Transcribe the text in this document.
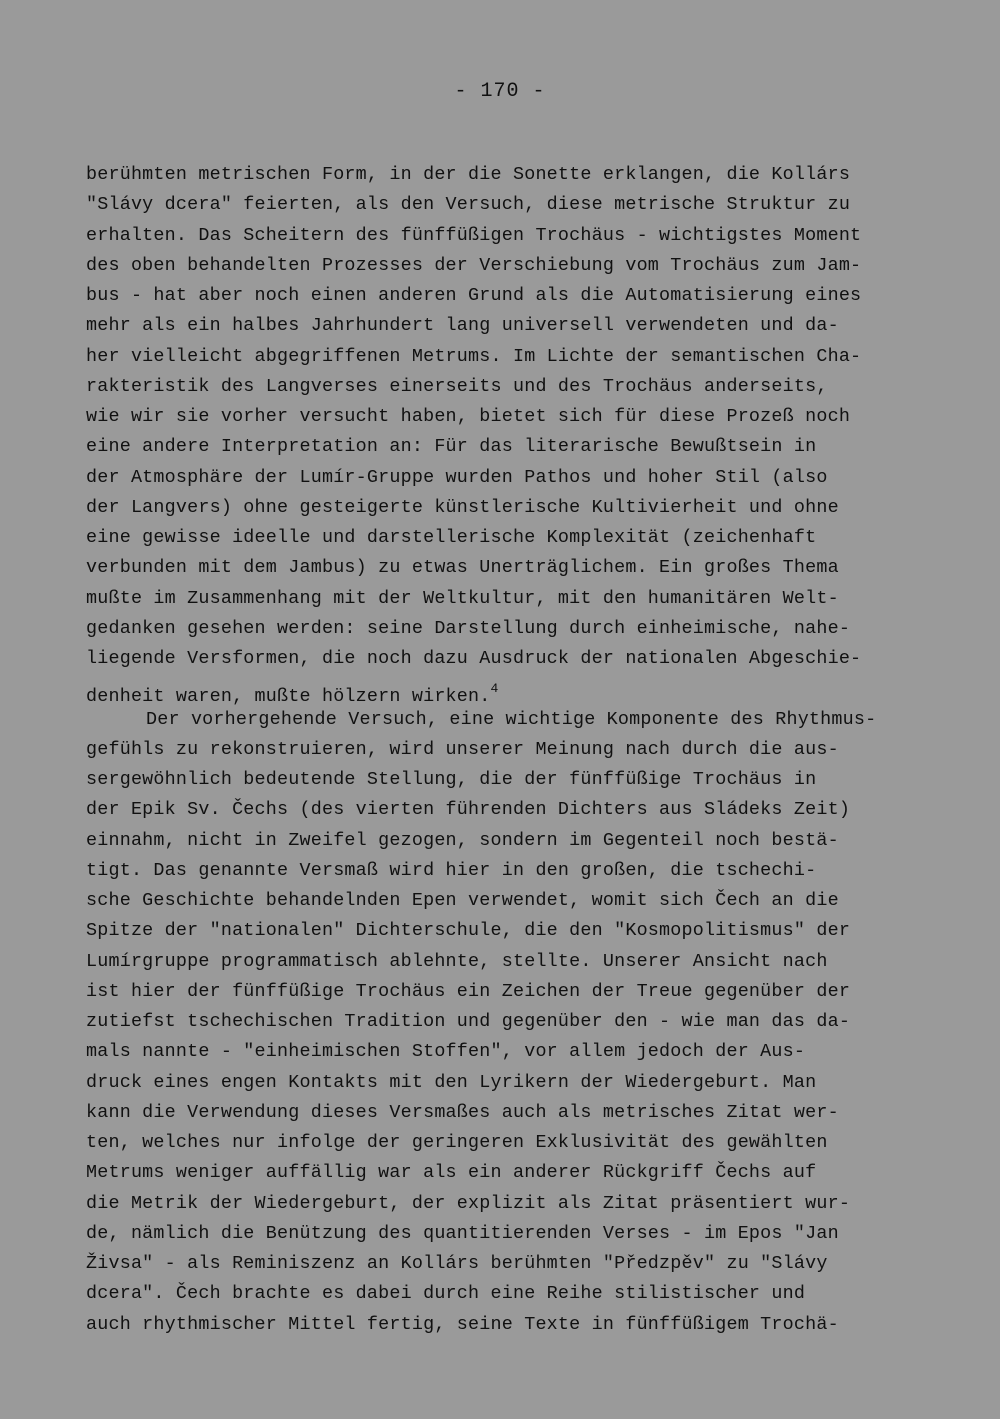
- 170 -
berühmten metrischen Form, in der die Sonette erklangen, die Kollárs
"Slávy dcera" feierten, als den Versuch, diese metrische Struktur zu
erhalten. Das Scheitern des fünffüßigen Trochäus - wichtigstes Moment
des oben behandelten Prozesses der Verschiebung vom Trochäus zum Jam-
bus - hat aber noch einen anderen Grund als die Automatisierung eines
mehr als ein halbes Jahrhundert lang universell verwendeten und da-
her vielleicht abgegriffenen Metrums. Im Lichte der semantischen Cha-
rakteristik des Langverses einerseits und des Trochäus anderseits,
wie wir sie vorher versucht haben, bietet sich für diese Prozeß noch
eine andere Interpretation an: Für das literarische Bewußtsein in
der Atmosphäre der Lumír-Gruppe wurden Pathos und hoher Stil (also
der Langvers) ohne gesteigerte künstlerische Kultivierheit und ohne
eine gewisse ideelle und darstellerische Komplexität (zeichenhaft
verbunden mit dem Jambus) zu etwas Unerträglichem. Ein großes Thema
mußte im Zusammenhang mit der Weltkultur, mit den humanitären Welt-
gedanken gesehen werden: seine Darstellung durch einheimische, nahe-
liegende Versformen, die noch dazu Ausdruck der nationalen Abgeschie-
denheit waren, mußte hölzern wirken.$^4$
Der vorhergehende Versuch, eine wichtige Komponente des Rhythmus-
gefühls zu rekonstruieren, wird unserer Meinung nach durch die aus-
sergewöhnlich bedeutende Stellung, die der fünffüßige Trochäus in
der Epik Sv. Čechs (des vierten führenden Dichters aus Sládeks Zeit)
einnahm, nicht in Zweifel gezogen, sondern im Gegenteil noch bestä-
tigt. Das genannte Versmaß wird hier in den großen, die tschechi-
sche Geschichte behandelnden Epen verwendet, womit sich Čech an die
Spitze der "nationalen" Dichterschule, die den "Kosmopolitismus" der
Lumírgruppe programmatisch ablehnte, stellte. Unserer Ansicht nach
ist hier der fünffüßige Trochäus ein Zeichen der Treue gegenüber der
zutiefst tschechischen Tradition und gegenüber den - wie man das da-
mals nannte - "einheimischen Stoffen", vor allem jedoch der Aus-
druck eines engen Kontakts mit den Lyrikern der Wiedergeburt. Man
kann die Verwendung dieses Versmaßes auch als metrisches Zitat wer-
ten, welches nur infolge der geringeren Exklusivität des gewählten
Metrums weniger auffällig war als ein anderer Rückgriff Čechs auf
die Metrik der Wiedergeburt, der explizit als Zitat präsentiert wur-
de, nämlich die Benützung des quantitierenden Verses - im Epos "Jan
Živsa" - als Reminiszenz an Kollárs berühmten "Předzpěv" zu "Slávy
dcera". Čech brachte es dabei durch eine Reihe stilistischer und
auch rhythmischer Mittel fertig, seine Texte in fünffüßigem Trochä-
